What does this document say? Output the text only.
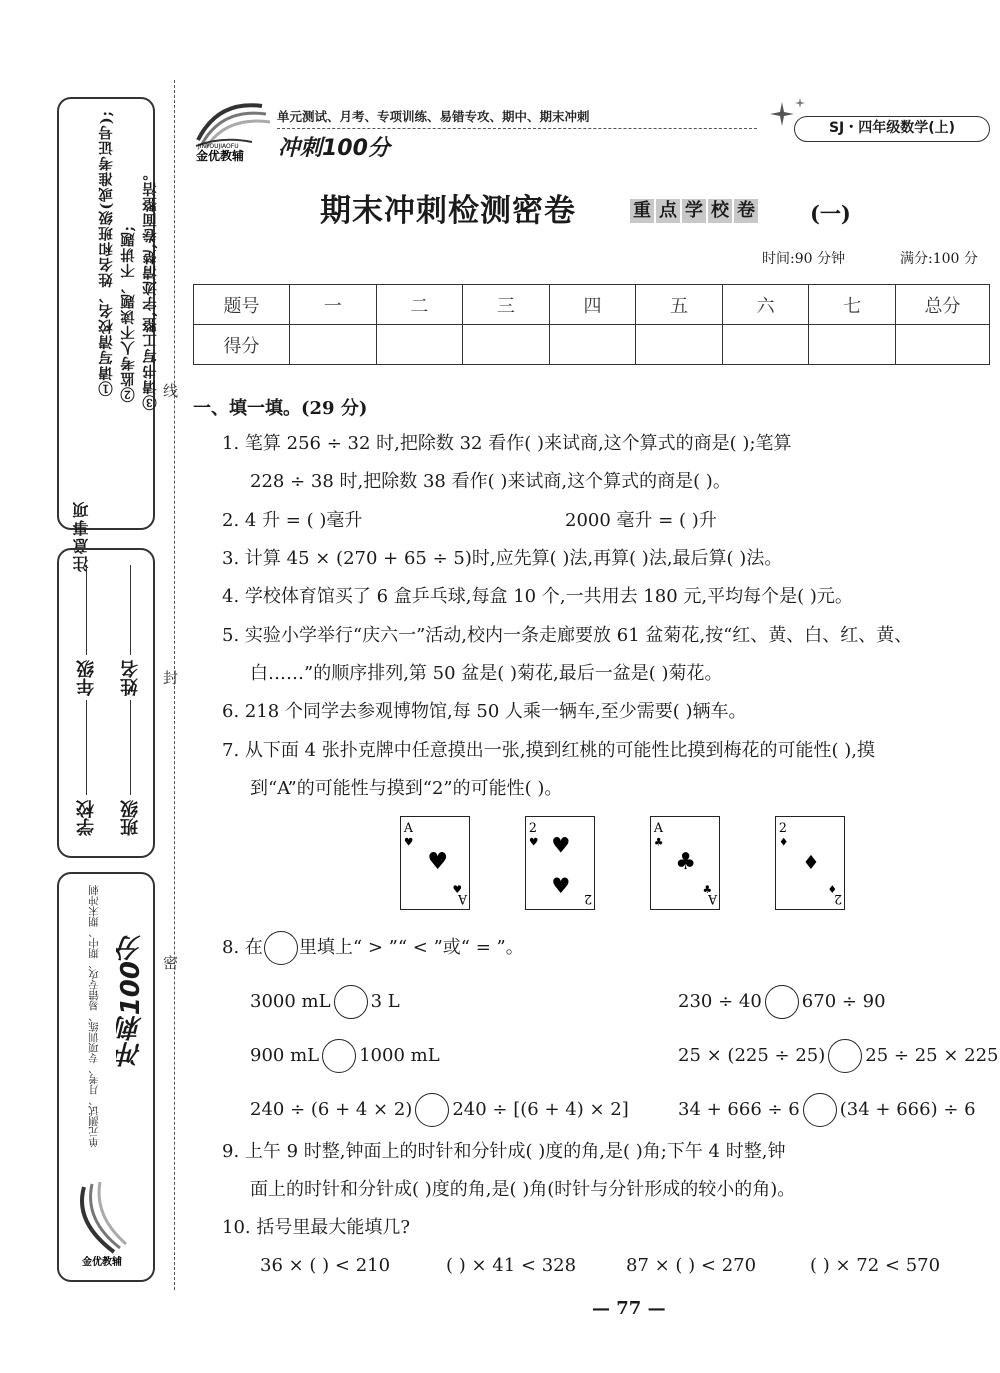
线
封
密
注意事项
①请写清校名、姓名和班级(或准考证号); ②监考人不读题、不讲题; ③请书写工整,字迹清楚,卷面整洁。
学校
年级
班级
姓名
单元测试、月考、专项训练、易错专攻、期中、期末冲刺 冲刺100分
金优教辅
JINYOUJIAOFU
金优教辅
单元测试、月考、专项训练、易错专攻、期中、期末冲刺
冲刺100分
SJ・四年级数学(上)
期末冲刺检测密卷	重 点 学 校 卷	(一)
时间:90 分钟	满分:100 分
题号	一	二	三	四	五	六	七	总分
得分								
一、填一填。(29 分)
1. 笔算 256 ÷ 32 时,把除数 32 看作( )来试商,这个算式的商是( );笔算
228 ÷ 38 时,把除数 38 看作( )来试商,这个算式的商是( )。
2. 4 升 = ( )毫升	2000 毫升 = ( )升
3. 计算 45 × (270 + 65 ÷ 5)时,应先算( )法,再算( )法,最后算( )法。
4. 学校体育馆买了 6 盒乒乓球,每盒 10 个,一共用去 180 元,平均每个是( )元。
5. 实验小学举行“庆六一”活动,校内一条走廊要放 61 盆菊花,按“红、黄、白、红、黄、
白……”的顺序排列,第 50 盆是( )菊花,最后一盆是( )菊花。
6. 218 个同学去参观博物馆,每 50 人乘一辆车,至少需要( )辆车。
7. 从下面 4 张扑克牌中任意摸出一张,摸到红桃的可能性比摸到梅花的可能性( ),摸
到“A”的可能性与摸到“2”的可能性( )。
A
♥
♥
A
♥
2
♥ ♥
♥
2
A
♣
♣
A
♣
2
♦
♦
2
♦
8. 在 里填上“ > ”“ < ”或“ = ”。
3000 mL 3 L	230 ÷ 40 670 ÷ 90
900 mL 1000 mL	25 × (225 ÷ 25) 25 ÷ 25 × 225
240 ÷ (6 + 4 × 2) 240 ÷ [(6 + 4) × 2]	34 + 666 ÷ 6 (34 + 666) ÷ 6
9. 上午 9 时整,钟面上的时针和分针成( )度的角,是( )角;下午 4 时整,钟
面上的时针和分针成( )度的角,是( )角(时针与分针形成的较小的角)。
10. 括号里最大能填几?
36 × ( ) < 210	( ) × 41 < 328	87 × ( ) < 270	( ) × 72 < 570
— 77 —
